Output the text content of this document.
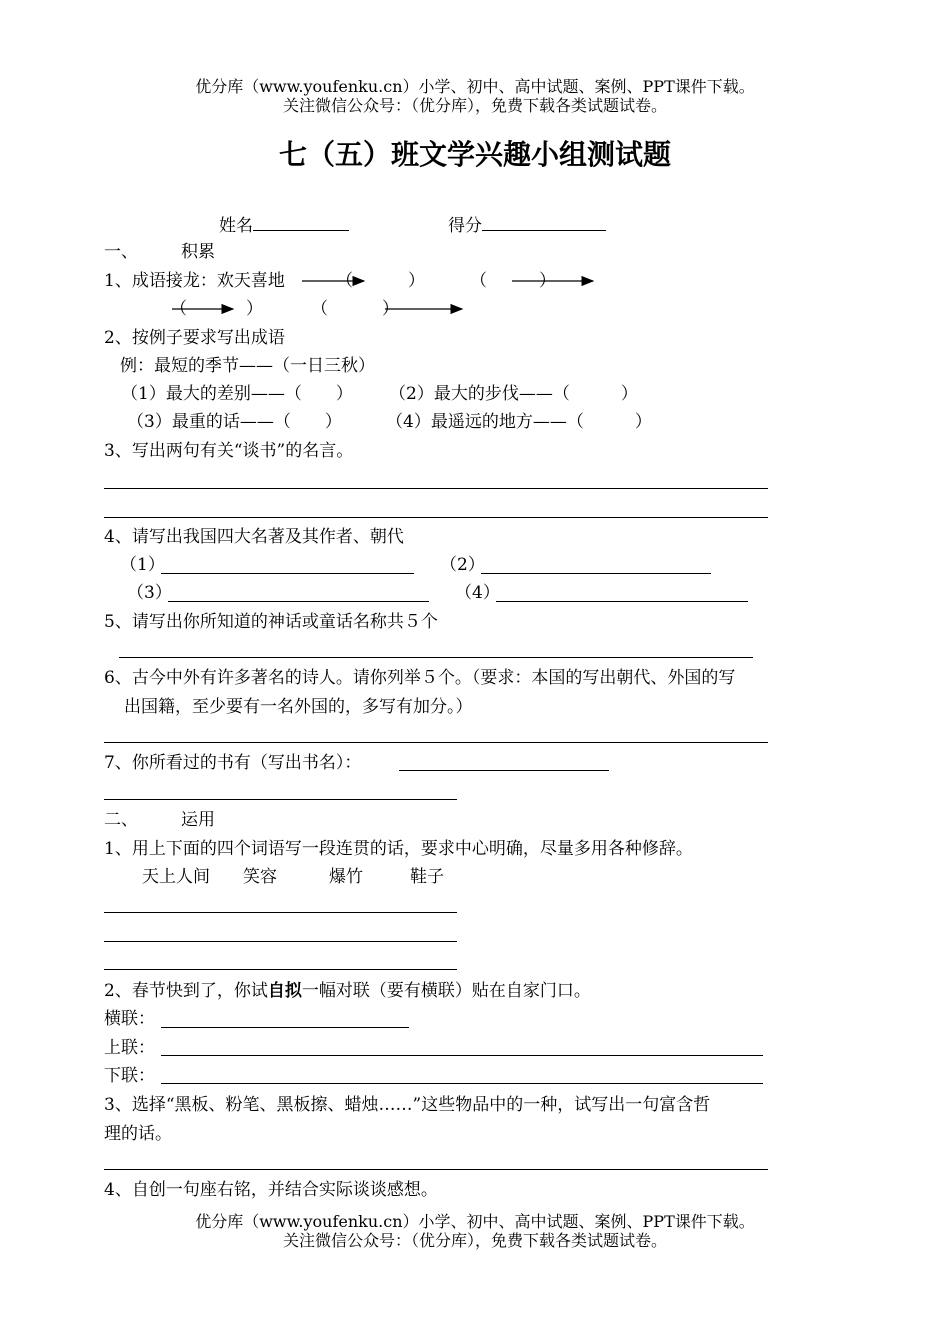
优分库（www.youfenku.cn）小学、初中、高中试题、案例、PPT课件下载。
关注微信公众号：（优分库），免费下载各类试题试卷。
七（五）班文学兴趣小组测试题
姓名	得分
一、	积累
1、成语接龙：欢天喜地	（	）	（	）
（	）	（	）
2、按例子要求写出成语
例：最短的季节——（一日三秋）
（1）最大的差别——（　　） （2）最大的步伐——（　　　）
（3）最重的话——（　　）	（4）最遥远的地方——（　　　）
3、写出两句有关“谈书”的名言。
4、请写出我国四大名著及其作者、朝代
（1）	（2）
（3）	（4）
5、请写出你所知道的神话或童话名称共５个
6、古今中外有许多著名的诗人。请你列举５个。（要求：本国的写出朝代、外国的写
出国籍，至少要有一名外国的，多写有加分。）
7、你所看过的书有（写出书名）：
二、	运用
1、用上下面的四个词语写一段连贯的话，要求中心明确，尽量多用各种修辞。
天上人间 笑容	爆竹	鞋子
2、春节快到了，你试自拟一幅对联（要有横联）贴在自家门口。
横联：
上联：
下联：
3、选择“黑板、粉笔、黑板擦、蜡烛……”这些物品中的一种，试写出一句富含哲
理的话。
4、自创一句座右铭，并结合实际谈谈感想。
优分库（www.youfenku.cn）小学、初中、高中试题、案例、PPT课件下载。
关注微信公众号：（优分库），免费下载各类试题试卷。
